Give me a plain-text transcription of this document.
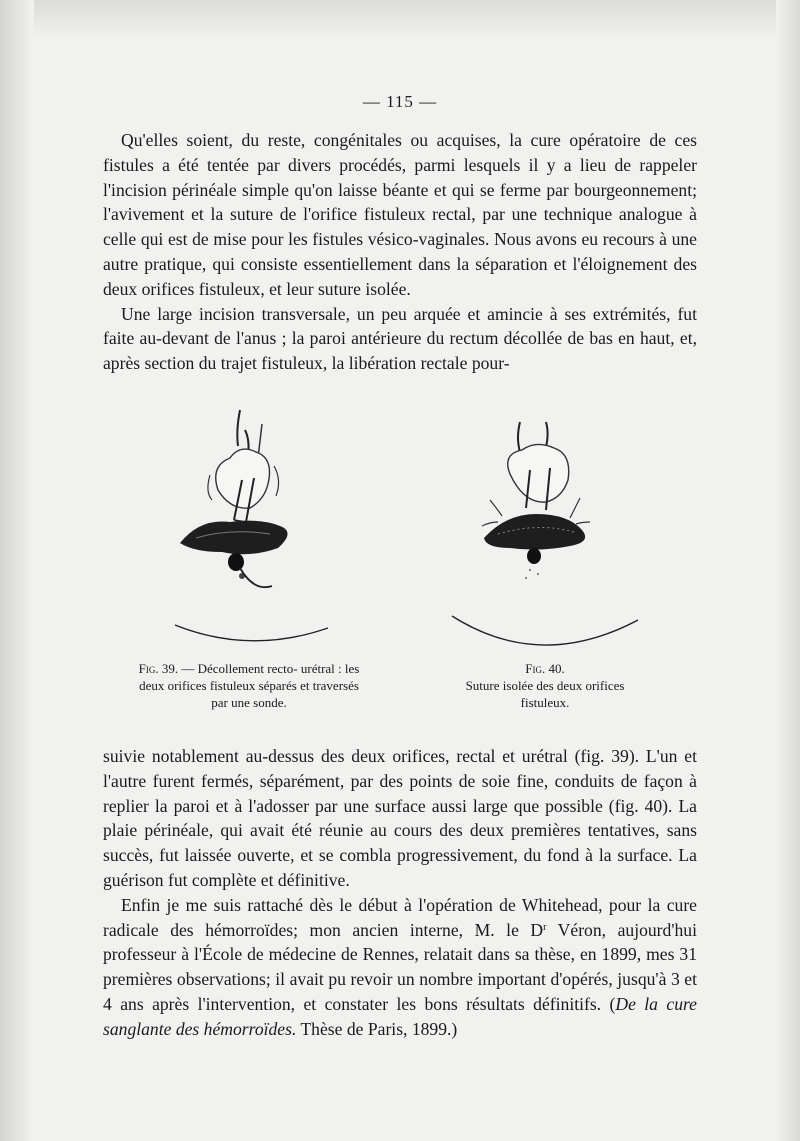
— 115 —

Qu'elles soient, du reste, congénitales ou acquises, la cure opératoire de ces fistules a été tentée par divers procédés, parmi lesquels il y a lieu de rappeler l'incision périnéale simple qu'on laisse béante et qui se ferme par bourgeonnement; l'avivement et la suture de l'orifice fistuleux rectal, par une technique analogue à celle qui est de mise pour les fistules vésico-vaginales. Nous avons eu recours à une autre pratique, qui consiste essentiellement dans la séparation et l'éloignement des deux orifices fistuleux, et leur suture isolée.

Une large incision transversale, un peu arquée et amincie à ses extrémités, fut faite au-devant de l'anus ; la paroi antérieure du rectum décollée de bas en haut, et, après section du trajet fistuleux, la libération rectale pour-

Fig. 39. — Décollement recto- urétral : les deux orifices fistuleux séparés et traversés par une sonde.
Fig. 40.
Suture isolée des deux orifices fistuleux.

suivie notablement au-dessus des deux orifices, rectal et urétral (fig. 39). L'un et l'autre furent fermés, séparément, par des points de soie fine, conduits de façon à replier la paroi et à l'adosser par une surface aussi large que possible (fig. 40). La plaie périnéale, qui avait été réunie au cours des deux premières tentatives, sans succès, fut laissée ouverte, et se combla progressivement, du fond à la surface. La guérison fut complète et définitive.

Enfin je me suis rattaché dès le début à l'opération de Whitehead, pour la cure radicale des hémorroïdes; mon ancien interne, M. le $D^r$ Véron, aujourd'hui professeur à l'École de médecine de Rennes, relatait dans sa thèse, en 1899, mes 31 premières observations; il avait pu revoir un nombre important d'opérés, jusqu'à 3 et 4 ans après l'intervention, et constater les bons résultats définitifs. (De la cure sanglante des hémorroïdes. Thèse de Paris, 1899.)
